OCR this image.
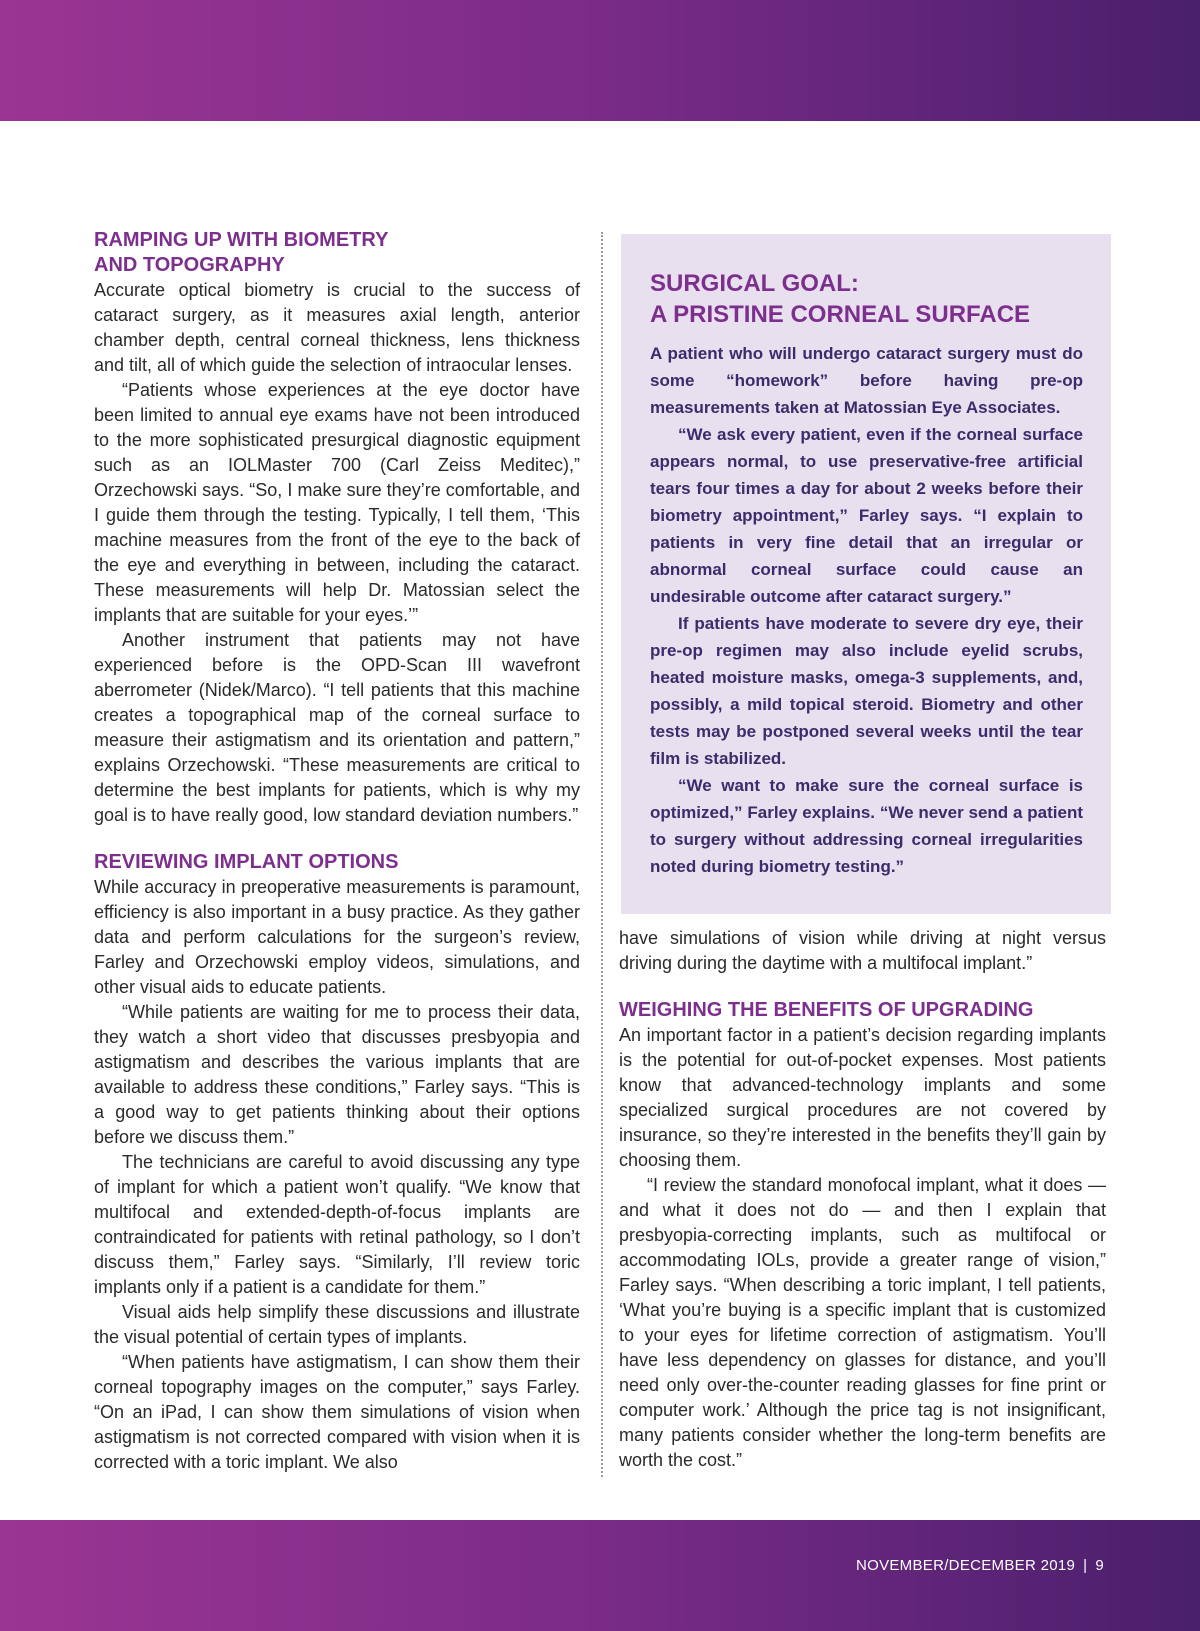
RAMPING UP WITH BIOMETRY
AND TOPOGRAPHY

Accurate optical biometry is crucial to the success of cataract surgery, as it measures axial length, anterior chamber depth, central corneal thickness, lens thickness and tilt, all of which guide the selection of intraocular lenses.

“Patients whose experiences at the eye doctor have been limited to annual eye exams have not been introduced to the more sophisticated presurgical diagnostic equipment such as an IOLMaster 700 (Carl Zeiss Meditec),” Orzechowski says. “So, I make sure they’re comfortable, and I guide them through the testing. Typically, I tell them, ‘This machine measures from the front of the eye to the back of the eye and everything in between, including the cataract. These measurements will help Dr. Matossian select the implants that are suitable for your eyes.’”

Another instrument that patients may not have experienced before is the OPD-Scan III wavefront aberrometer (Nidek/Marco). “I tell patients that this machine creates a topographical map of the corneal surface to measure their astigmatism and its orientation and pattern,” explains Orzechowski. “These measurements are critical to determine the best implants for patients, which is why my goal is to have really good, low standard deviation numbers.”

REVIEWING IMPLANT OPTIONS

While accuracy in preoperative measurements is paramount, efficiency is also important in a busy practice. As they gather data and perform calculations for the surgeon’s review, Farley and Orzechowski employ videos, simulations, and other visual aids to educate patients.

“While patients are waiting for me to process their data, they watch a short video that discusses presbyopia and astigmatism and describes the various implants that are available to address these conditions,” Farley says. “This is a good way to get patients thinking about their options before we discuss them.”

The technicians are careful to avoid discussing any type of implant for which a patient won’t qualify. “We know that multifocal and extended-depth-of-focus implants are contraindicated for patients with retinal pathology, so I don’t discuss them,” Farley says. “Similarly, I’ll review toric implants only if a patient is a candidate for them.”

Visual aids help simplify these discussions and illustrate the visual potential of certain types of implants.

“When patients have astigmatism, I can show them their corneal topography images on the computer,” says Farley. “On an iPad, I can show them simulations of vision when astigmatism is not corrected compared with vision when it is corrected with a toric implant. We also

SURGICAL GOAL:
A PRISTINE CORNEAL SURFACE

A patient who will undergo cataract surgery must do some “homework” before having pre-op measurements taken at Matossian Eye Associates.

“We ask every patient, even if the corneal surface appears normal, to use preservative-free artificial tears four times a day for about 2 weeks before their biometry appointment,” Farley says. “I explain to patients in very fine detail that an irregular or abnormal corneal surface could cause an undesirable outcome after cataract surgery.”

If patients have moderate to severe dry eye, their pre-op regimen may also include eyelid scrubs, heated moisture masks, omega-3 supplements, and, possibly, a mild topical steroid. Biometry and other tests may be postponed several weeks until the tear film is stabilized.

“We want to make sure the corneal surface is optimized,” Farley explains. “We never send a patient to surgery without addressing corneal irregularities noted during biometry testing.”

have simulations of vision while driving at night versus driving during the daytime with a multifocal implant.”

WEIGHING THE BENEFITS OF UPGRADING

An important factor in a patient’s decision regarding implants is the potential for out-of-pocket expenses. Most patients know that advanced-technology implants and some specialized surgical procedures are not covered by insurance, so they’re interested in the benefits they’ll gain by choosing them.

“I review the standard monofocal implant, what it does — and what it does not do — and then I explain that presbyopia-correcting implants, such as multifocal or accommodating IOLs, provide a greater range of vision,” Farley says. “When describing a toric implant, I tell patients, ‘What you’re buying is a specific implant that is customized to your eyes for lifetime correction of astigmatism. You’ll have less dependency on glasses for distance, and you’ll need only over-the-counter reading glasses for fine print or computer work.’ Although the price tag is not insignificant, many patients consider whether the long-term benefits are worth the cost.”

NOVEMBER/DECEMBER 2019 | 9
